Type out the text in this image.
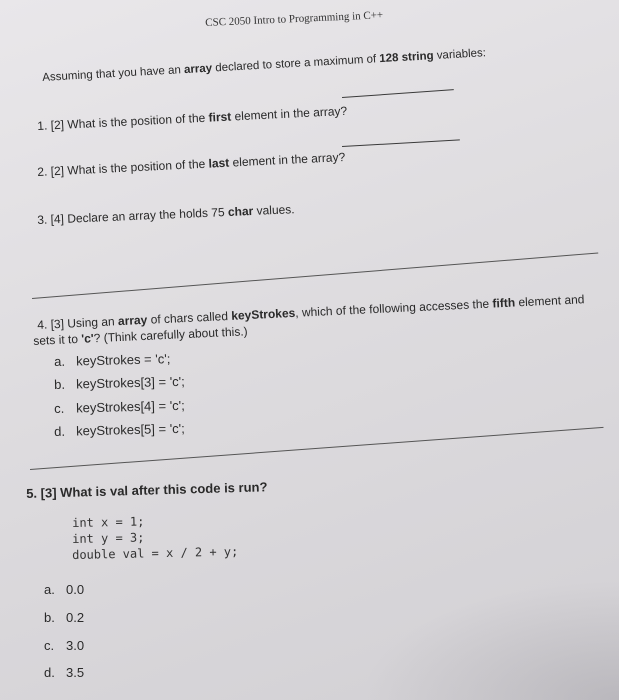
CSC 2050 Intro to Programming in C++
Assuming that you have an array declared to store a maximum of 128 string variables:
1. [2] What is the position of the first element in the array?
2. [2] What is the position of the last element in the array?
3. [4] Declare an array the holds 75 char values.
4. [3] Using an array of chars called keyStrokes, which of the following accesses the fifth element and
sets it to 'c'? (Think carefully about this.)
a. keyStrokes = 'c';
b. keyStrokes[3] = 'c';
c. keyStrokes[4] = 'c';
d. keyStrokes[5] = 'c';
5. [3] What is val after this code is run?
int x = 1;
int y = 3;
double val = x / 2 + y;
a. 0.0
b. 0.2
c. 3.0
d. 3.5
